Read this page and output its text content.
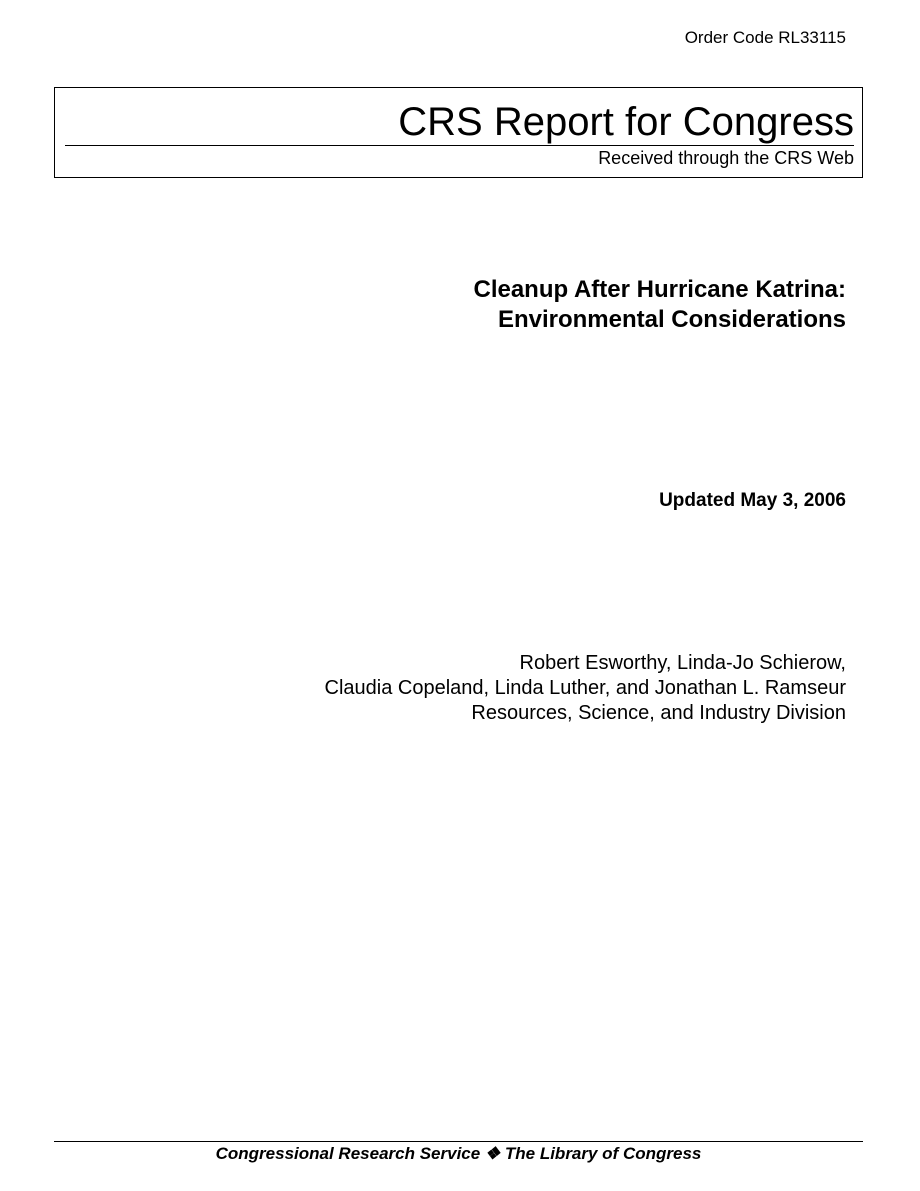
Order Code RL33115
CRS Report for Congress
Received through the CRS Web
Cleanup After Hurricane Katrina:
Environmental Considerations
Updated May 3, 2006
Robert Esworthy, Linda-Jo Schierow,
Claudia Copeland, Linda Luther, and Jonathan L. Ramseur
Resources, Science, and Industry Division
Congressional Research Service ❖ The Library of Congress
